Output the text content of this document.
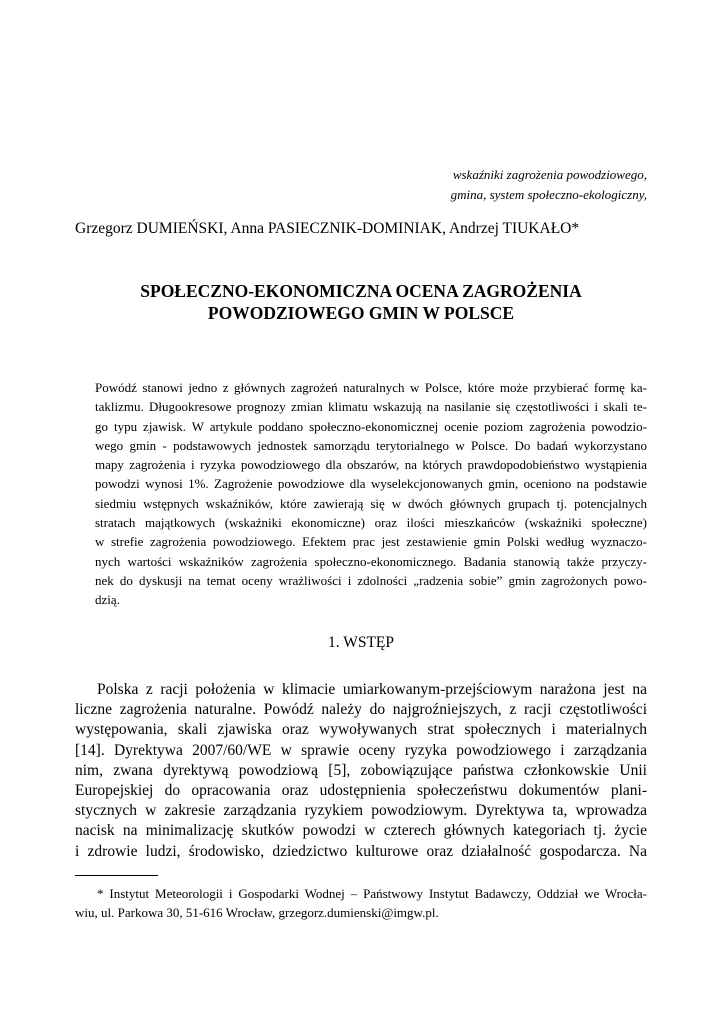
wskaźniki zagrożenia powodziowego,
gmina, system społeczno-ekologiczny,
Grzegorz DUMIEŃSKI, Anna PASIECZNIK-DOMINIAK, Andrzej TIUKAŁO*
SPOŁECZNO-EKONOMICZNA OCENA ZAGROŻENIA
POWODZIOWEGO GMIN W POLSCE
Powódź stanowi jedno z głównych zagrożeń naturalnych w Polsce, które może przybierać formę ka-
taklizmu. Długookresowe prognozy zmian klimatu wskazują na nasilanie się częstotliwości i skali te-
go typu zjawisk. W artykule poddano społeczno-ekonomicznej ocenie poziom zagrożenia powodzio-
wego gmin - podstawowych jednostek samorządu terytorialnego w Polsce. Do badań wykorzystano
mapy zagrożenia i ryzyka powodziowego dla obszarów, na których prawdopodobieństwo wystąpienia
powodzi wynosi 1%. Zagrożenie powodziowe dla wyselekcjonowanych gmin, oceniono na podstawie
siedmiu wstępnych wskaźników, które zawierają się w dwóch głównych grupach tj. potencjalnych
stratach majątkowych (wskaźniki ekonomiczne) oraz ilości mieszkańców (wskaźniki społeczne)
w strefie zagrożenia powodziowego. Efektem prac jest zestawienie gmin Polski według wyznaczo-
nych wartości wskaźników zagrożenia społeczno-ekonomicznego. Badania stanowią także przyczy-
nek do dyskusji na temat oceny wrażliwości i zdolności „radzenia sobie” gmin zagrożonych powo-
dzią.
1. WSTĘP
Polska z racji położenia w klimacie umiarkowanym-przejściowym narażona jest na
liczne zagrożenia naturalne. Powódź należy do najgroźniejszych, z racji częstotliwości
występowania, skali zjawiska oraz wywoływanych strat społecznych i materialnych
[14]. Dyrektywa 2007/60/WE w sprawie oceny ryzyka powodziowego i zarządzania
nim, zwana dyrektywą powodziową [5], zobowiązujące państwa członkowskie Unii
Europejskiej do opracowania oraz udostępnienia społeczeństwu dokumentów plani-
stycznych w zakresie zarządzania ryzykiem powodziowym. Dyrektywa ta, wprowadza
nacisk na minimalizację skutków powodzi w czterech głównych kategoriach tj. życie
i zdrowie ludzi, środowisko, dziedzictwo kulturowe oraz działalność gospodarcza. Na
* Instytut Meteorologii i Gospodarki Wodnej – Państwowy Instytut Badawczy, Oddział we Wrocła-
wiu, ul. Parkowa 30, 51-616 Wrocław, grzegorz.dumienski@imgw.pl.
